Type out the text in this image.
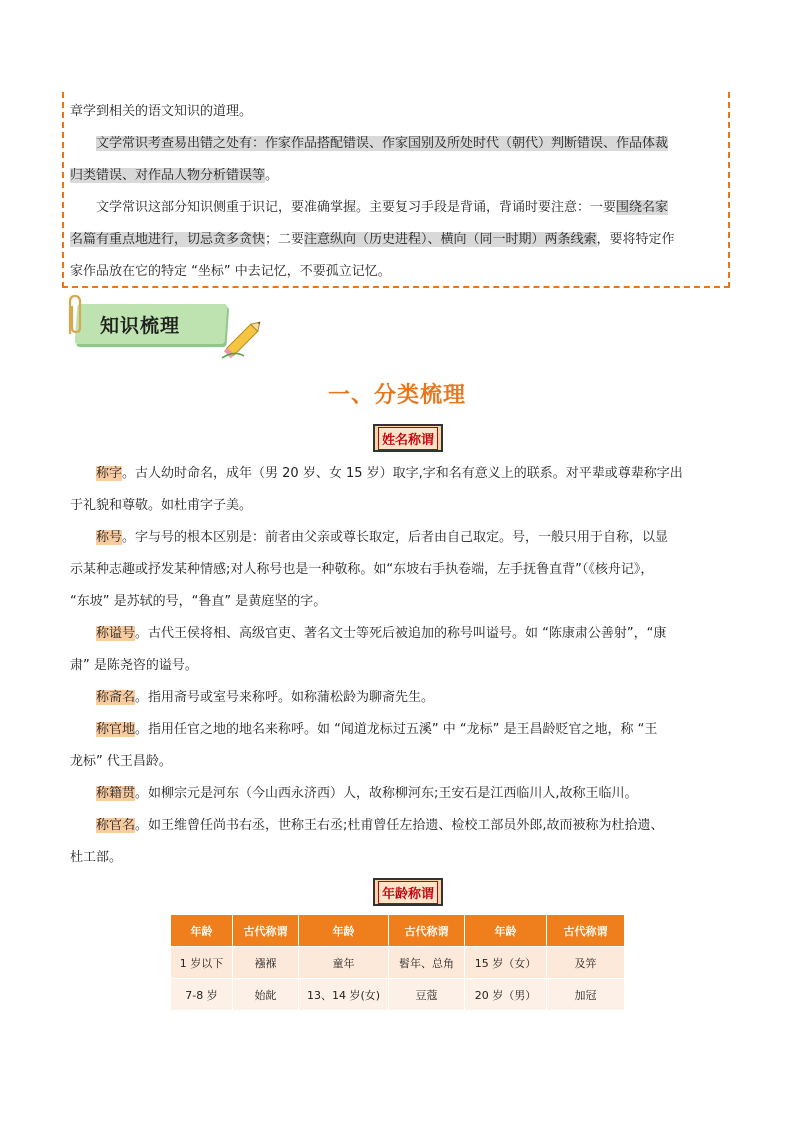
章学到相关的语文知识的道理。
文学常识考查易出错之处有：作家作品搭配错误、作家国别及所处时代（朝代）判断错误、作品体裁
归类错误、对作品人物分析错误等。
文学常识这部分知识侧重于识记，要准确掌握。主要复习手段是背诵，背诵时要注意：一要围绕名家
名篇有重点地进行，切忌贪多贪快；二要注意纵向（历史进程）、横向（同一时期）两条线索，要将特定作
家作品放在它的特定 “坐标” 中去记忆，不要孤立记忆。
知识梳理
一、分类梳理
姓名称谓
称字。古人幼时命名，成年（男 20 岁、女 15 岁）取字,字和名有意义上的联系。对平辈或尊辈称字出
于礼貌和尊敬。如杜甫字子美。
称号。字与号的根本区别是：前者由父亲或尊长取定，后者由自己取定。号，一般只用于自称，以显
示某种志趣或抒发某种情感;对人称号也是一种敬称。如“东坡右手执卷端，左手抚鲁直背”（《核舟记》，
“东坡” 是苏轼的号，“鲁直” 是黄庭坚的字。
称谥号。古代王侯将相、高级官吏、著名文士等死后被追加的称号叫谥号。如 “陈康肃公善射”，“康
肃” 是陈尧咨的谥号。
称斋名。指用斋号或室号来称呼。如称蒲松龄为聊斋先生。
称官地。指用任官之地的地名来称呼。如 “闻道龙标过五溪” 中 “龙标” 是王昌龄贬官之地，称 “王
龙标” 代王昌龄。
称籍贯。如柳宗元是河东（今山西永济西）人，故称柳河东;王安石是江西临川人,故称王临川。
称官名。如王维曾任尚书右丞，世称王右丞;杜甫曾任左拾遗、检校工部员外郎,故而被称为杜拾遗、
杜工部。
年龄称谓
年龄	古代称谓	年龄	古代称谓	年龄	古代称谓
1 岁以下	襁褓	童年	髫年、总角	15 岁（女）	及笄
7-8 岁	始龀	13、14 岁(女)	豆蔻	20 岁（男）	加冠
